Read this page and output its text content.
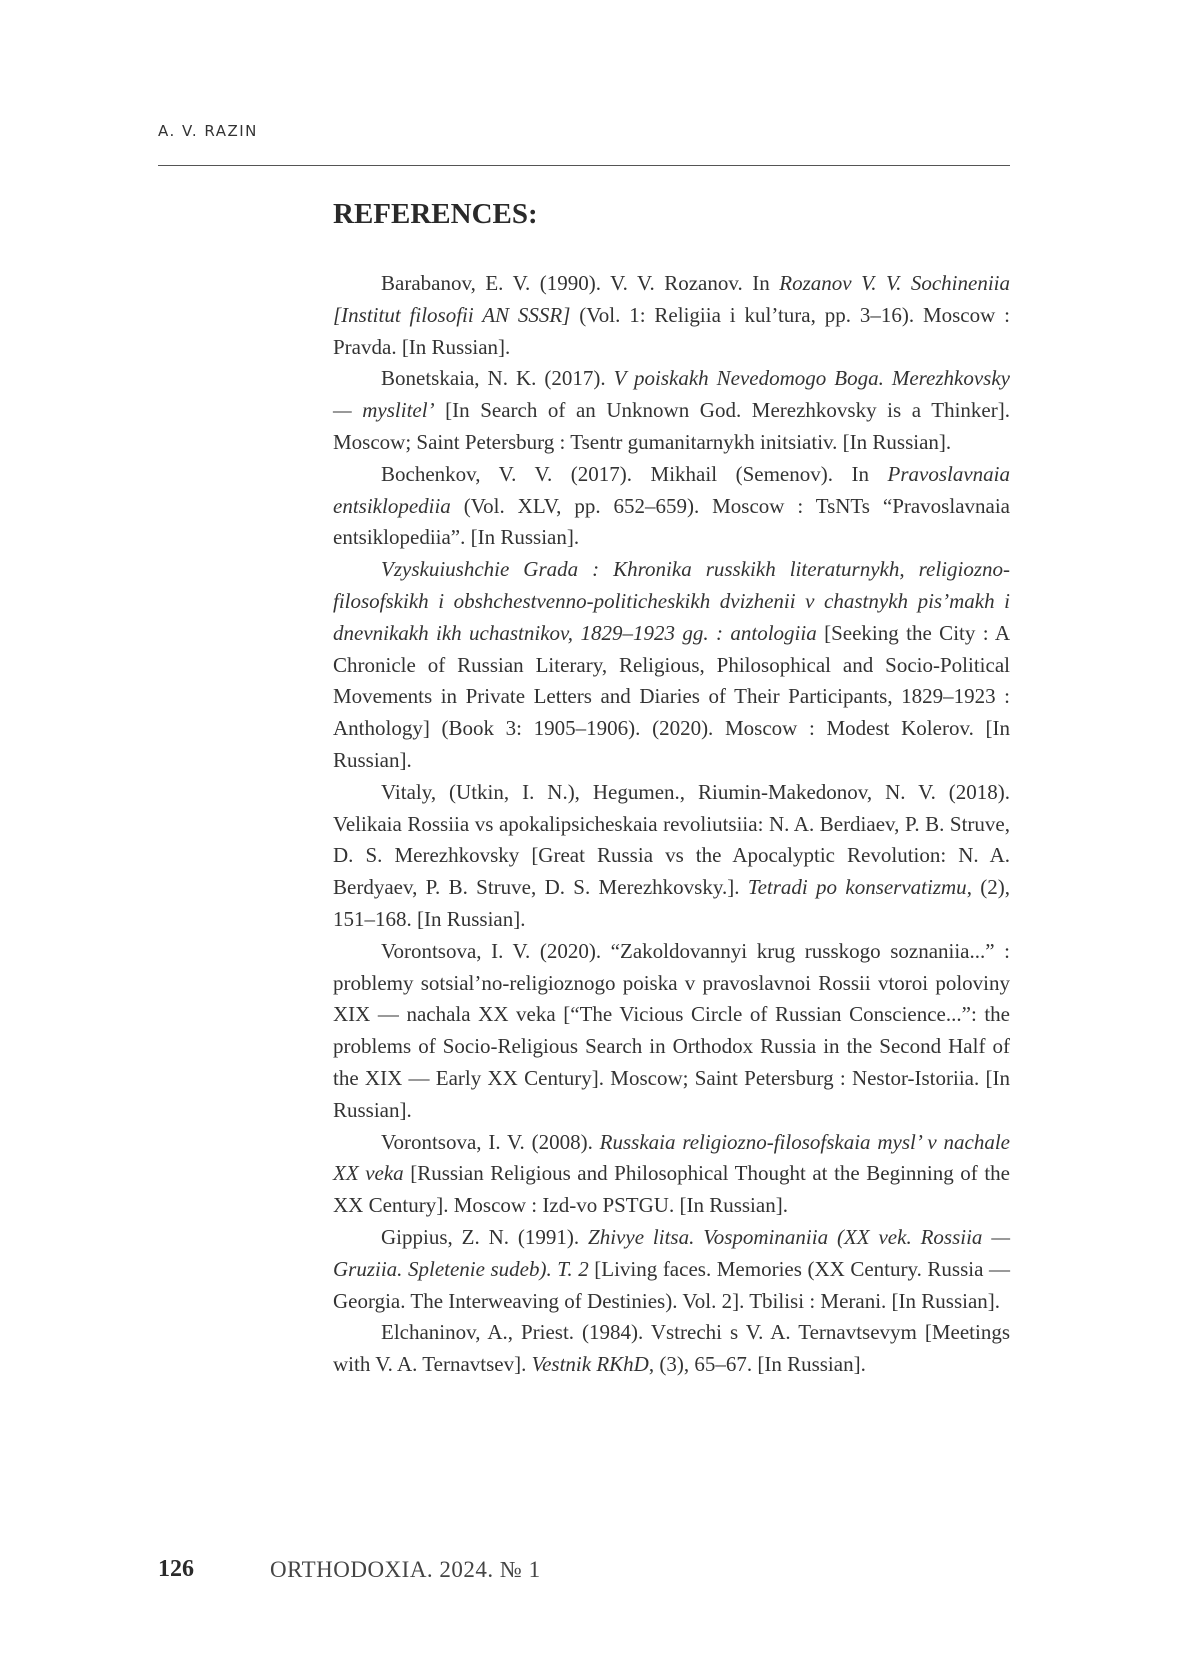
A. V. RAZIN
REFERENCES:
Barabanov, E. V. (1990). V. V. Rozanov. In Rozanov V. V. Sochineniia [Institut filosofii AN SSSR] (Vol. 1: Religiia i kul’tura, pp. 3–16). Moscow : Pravda. [In Russian].
Bonetskaia, N. K. (2017). V poiskakh Nevedomogo Boga. Merezhkovsky — myslitel’ [In Search of an Unknown God. Merezhkovsky is a Thinker]. Moscow; Saint Petersburg : Tsentr gumanitarnykh initsiativ. [In Russian].
Bochenkov, V. V. (2017). Mikhail (Semenov). In Pravoslavnaia entsiklopediia (Vol. XLV, pp. 652–659). Moscow : TsNTs “Pravoslavnaia entsiklopediia”. [In Russian].
Vzyskuiushchie Grada : Khronika russkikh literaturnykh, religiozno-filosofskikh i obshchestvenno-politicheskikh dvizhenii v chastnykh pis’makh i dnevnikakh ikh uchastnikov, 1829–1923 gg. : antologiia [Seeking the City : A Chronicle of Russian Literary, Religious, Philosophical and Socio-Political Movements in Private Letters and Diaries of Their Participants, 1829–1923 : Anthology] (Book 3: 1905–1906). (2020). Moscow : Modest Kolerov. [In Russian].
Vitaly, (Utkin, I. N.), Hegumen., Riumin-Makedonov, N. V. (2018). Velikaia Rossiia vs apokalipsicheskaia revoliutsiia: N. A. Berdiaev, P. B. Struve, D. S. Merezhkovsky [Great Russia vs the Apocalyptic Revolution: N. A. Berdyaev, P. B. Struve, D. S. Merezhkovsky.]. Tetradi po konservatizmu, (2), 151–168. [In Russian].
Vorontsova, I. V. (2020). “Zakoldovannyi krug russkogo soznaniia...” : problemy sotsial’no-religioznogo poiska v pravoslavnoi Rossii vtoroi poloviny XIX — nachala XX veka [“The Vicious Circle of Russian Conscience...”: the problems of Socio-Religious Search in Orthodox Russia in the Second Half of the XIX — Early XX Century]. Moscow; Saint Petersburg : Nestor-Istoriia. [In Russian].
Vorontsova, I. V. (2008). Russkaia religiozno-filosofskaia mysl’ v nachale XX veka [Russian Religious and Philosophical Thought at the Beginning of the XX Century]. Moscow : Izd-vo PSTGU. [In Russian].
Gippius, Z. N. (1991). Zhivye litsa. Vospominaniia (XX vek. Rossiia — Gruziia. Spletenie sudeb). T. 2 [Living faces. Memories (XX Century. Russia — Georgia. The Interweaving of Destinies). Vol. 2]. Tbilisi : Merani. [In Russian].
Elchaninov, A., Priest. (1984). Vstrechi s V. A. Ternavtsevym [Meetings with V. A. Ternavtsev]. Vestnik RKhD, (3), 65–67. [In Russian].
126	ORTHODOXIA. 2024. № 1
